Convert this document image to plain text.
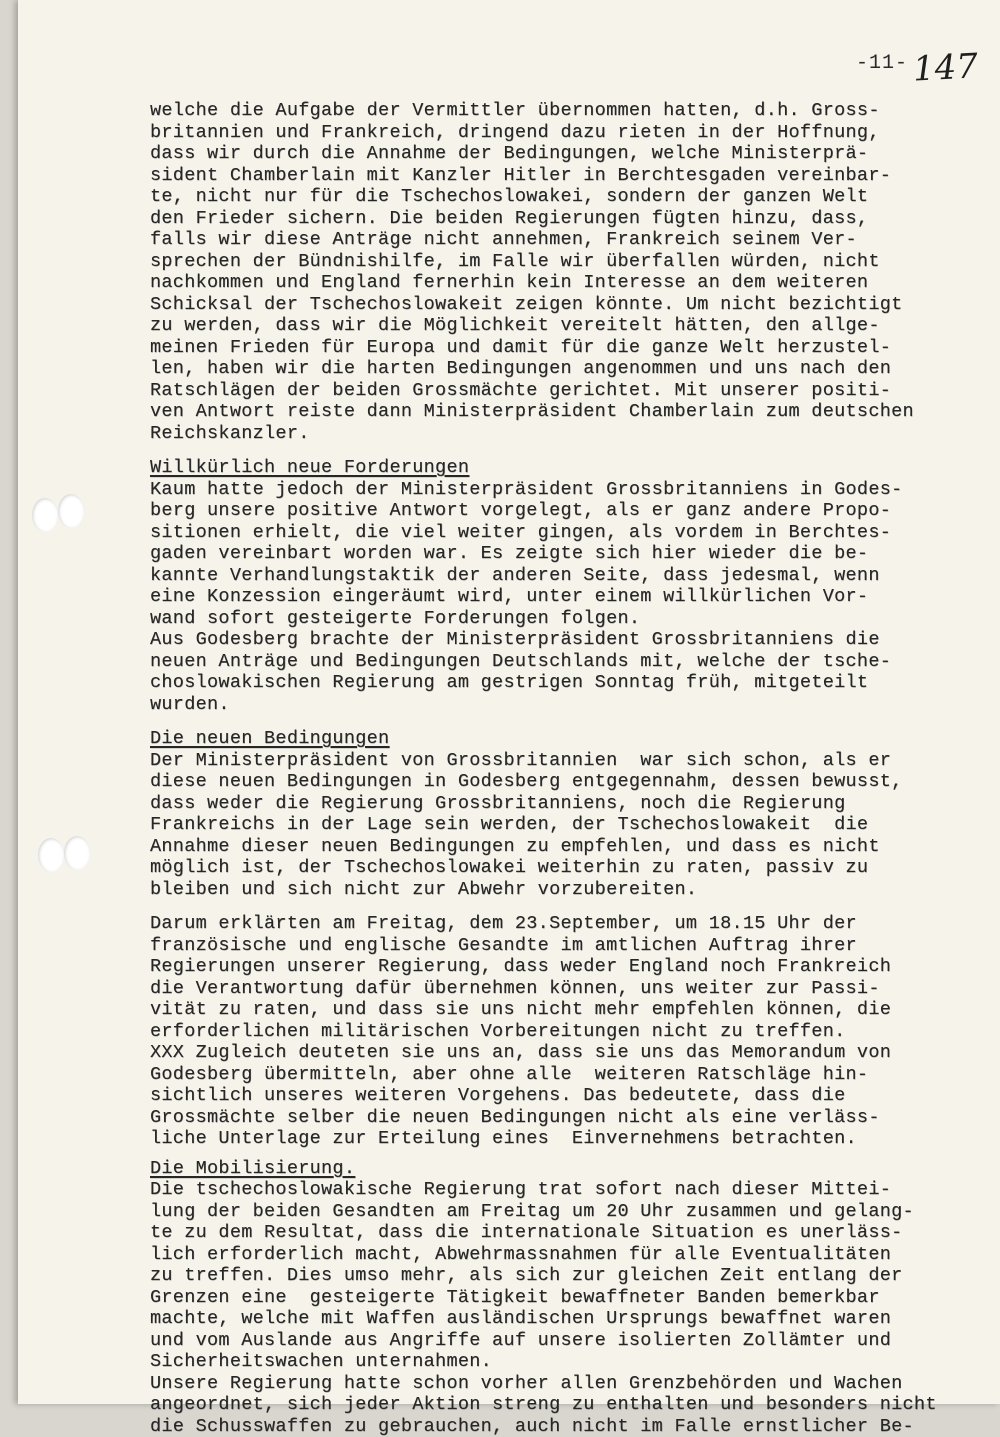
-11- 147
welche die Aufgabe der Vermittler übernommen hatten, d.h. Gross-
britannien und Frankreich, dringend dazu rieten in der Hoffnung,
dass wir durch die Annahme der Bedingungen, welche Ministerprä-
sident Chamberlain mit Kanzler Hitler in Berchtesgaden vereinbar-
te, nicht nur für die Tschechoslowakei, sondern der ganzen Welt
den Frieder sichern. Die beiden Regierungen fügten hinzu, dass,
falls wir diese Anträge nicht annehmen, Frankreich seinem Ver-
sprechen der Bündnishilfe, im Falle wir überfallen würden, nicht
nachkommen und England fernerhin kein Interesse an dem weiteren
Schicksal der Tschechoslowakeit zeigen könnte. Um nicht bezichtigt
zu werden, dass wir die Möglichkeit vereitelt hätten, den allge-
meinen Frieden für Europa und damit für die ganze Welt herzustel-
len, haben wir die harten Bedingungen angenommen und uns nach den
Ratschlägen der beiden Grossmächte gerichtet. Mit unserer positi-
ven Antwort reiste dann Ministerpräsident Chamberlain zum deutschen
Reichskanzler.
Willkürlich neue Forderungen
Kaum hatte jedoch der Ministerpräsident Grossbritanniens in Godes-
berg unsere positive Antwort vorgelegt, als er ganz andere Propo-
sitionen erhielt, die viel weiter gingen, als vordem in Berchtes-
gaden vereinbart worden war. Es zeigte sich hier wieder die be-
kannte Verhandlungstaktik der anderen Seite, dass jedesmal, wenn
eine Konzession eingeräumt wird, unter einem willkürlichen Vor-
wand sofort gesteigerte Forderungen folgen.
Aus Godesberg brachte der Ministerpräsident Grossbritanniens die
neuen Anträge und Bedingungen Deutschlands mit, welche der tsche-
choslowakischen Regierung am gestrigen Sonntag früh, mitgeteilt
wurden.
Die neuen Bedingungen
Der Ministerpräsident von Grossbritannien  war sich schon, als er
diese neuen Bedingungen in Godesberg entgegennahm, dessen bewusst,
dass weder die Regierung Grossbritanniens, noch die Regierung
Frankreichs in der Lage sein werden, der Tschechoslowakeit  die
Annahme dieser neuen Bedingungen zu empfehlen, und dass es nicht
möglich ist, der Tschechoslowakei weiterhin zu raten, passiv zu
bleiben und sich nicht zur Abwehr vorzubereiten.
Darum erklärten am Freitag, dem 23.September, um 18.15 Uhr der
französische und englische Gesandte im amtlichen Auftrag ihrer
Regierungen unserer Regierung, dass weder England noch Frankreich
die Verantwortung dafür übernehmen können, uns weiter zur Passi-
vität zu raten, und dass sie uns nicht mehr empfehlen können, die
erforderlichen militärischen Vorbereitungen nicht zu treffen.
XXX Zugleich deuteten sie uns an, dass sie uns das Memorandum von
Godesberg übermitteln, aber ohne alle  weiteren Ratschläge hin-
sichtlich unseres weiteren Vorgehens. Das bedeutete, dass die
Grossmächte selber die neuen Bedingungen nicht als eine verläss-
liche Unterlage zur Erteilung eines  Einvernehmens betrachten.
Die Mobilisierung.
Die tschechoslowakische Regierung trat sofort nach dieser Mittei-
lung der beiden Gesandten am Freitag um 20 Uhr zusammen und gelang-
te zu dem Resultat, dass die internationale Situation es unerläss-
lich erforderlich macht, Abwehrmassnahmen für alle Eventualitäten
zu treffen. Dies umso mehr, als sich zur gleichen Zeit entlang der
Grenzen eine  gesteigerte Tätigkeit bewaffneter Banden bemerkbar
machte, welche mit Waffen ausländischen Ursprungs bewaffnet waren
und vom Auslande aus Angriffe auf unsere isolierten Zollämter und
Sicherheitswachen unternahmen.
Unsere Regierung hatte schon vorher allen Grenzbehörden und Wachen
angeordnet, sich jeder Aktion streng zu enthalten und besonders nicht
die Schusswaffen zu gebrauchen, auch nicht im Falle ernstlicher Be-
